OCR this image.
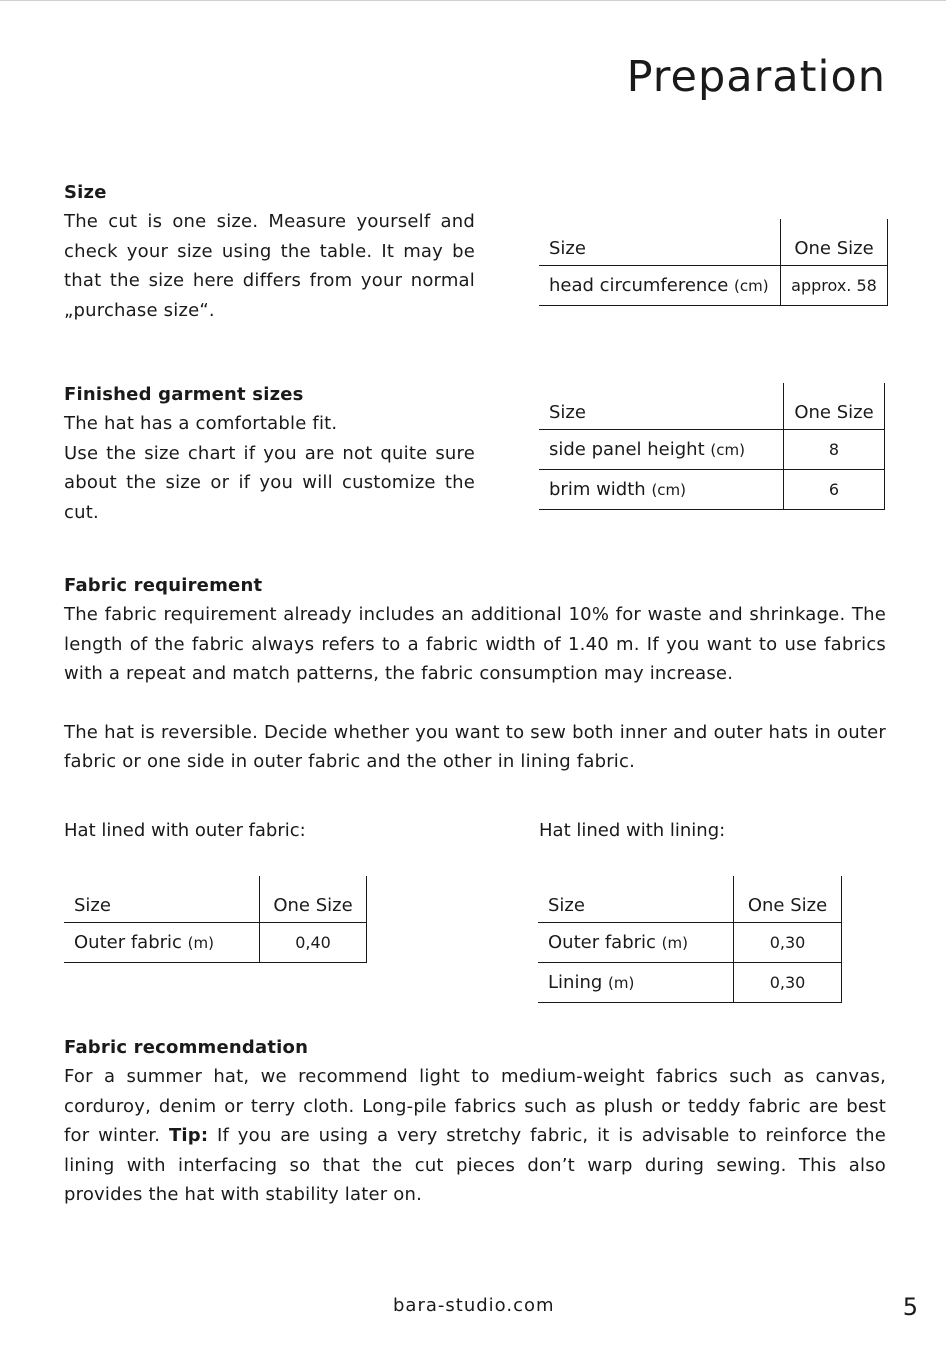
Preparation
Size

The cut is one size. Measure yourself and check your size using the table. It may be that the size here differs from your normal „purchase size“.

Size	One Size
head circumference (cm)	approx. 58
Finished garment sizes

The hat has a comfortable fit.

Use the size chart if you are not quite sure about the size or if you will customize the cut.

Size	One Size
side panel height (cm)	8
brim width (cm)	6
Fabric requirement

The fabric requirement already includes an additional 10% for waste and shrinkage. The length of the fabric always refers to a fabric width of 1.40 m. If you want to use fabrics with a repeat and match patterns, the fabric consumption may increase.

The hat is reversible. Decide whether you want to sew both inner and outer hats in outer fabric or one side in outer fabric and the other in lining fabric.

Hat lined with outer fabric:
Size	One Size
Outer fabric (m)	0,40
Hat lined with lining:
Size	One Size
Outer fabric (m)	0,30
Lining (m)	0,30
Fabric recommendation

For a summer hat, we recommend light to medium-weight fabrics such as canvas, corduroy, denim or terry cloth. Long-pile fabrics such as plush or teddy fabric are best for winter. Tip: If you are using a very stretchy fabric, it is advisable to reinforce the lining with interfacing so that the cut pieces don’t warp during sewing. This also provides the hat with stability later on.

bara-studio.com	5
